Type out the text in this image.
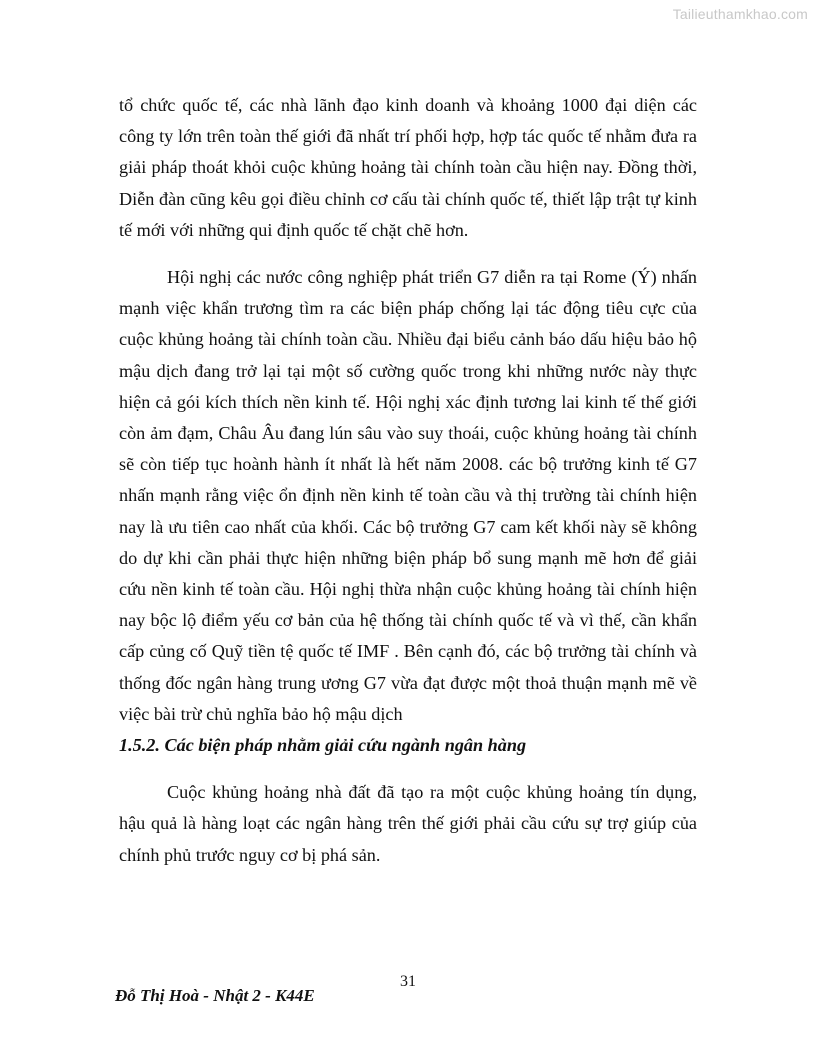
Tailieuthamkhao.com

tổ chức quốc tế, các nhà lãnh đạo kinh doanh và khoảng 1000 đại diện các công ty lớn trên toàn thế giới đã nhất trí phối hợp, hợp tác quốc tế nhằm đưa ra giải pháp thoát khỏi cuộc khủng hoảng tài chính toàn cầu hiện nay. Đồng thời, Diễn đàn cũng kêu gọi điều chỉnh cơ cấu tài chính quốc tế, thiết lập trật tự kinh tế mới với những qui định quốc tế chặt chẽ hơn.

Hội nghị các nước công nghiệp phát triển G7 diễn ra tại Rome (Ý) nhấn mạnh việc khẩn trương tìm ra các biện pháp chống lại tác động tiêu cực của cuộc khủng hoảng tài chính toàn cầu. Nhiều đại biểu cảnh báo dấu hiệu bảo hộ mậu dịch đang trở lại tại một số cường quốc trong khi những nước này thực hiện cả gói kích thích nền kinh tế. Hội nghị xác định tương lai kinh tế thế giới còn ảm đạm, Châu Âu đang lún sâu vào suy thoái, cuộc khủng hoảng tài chính sẽ còn tiếp tục hoành hành ít nhất là hết năm 2008. các bộ trưởng kinh tế G7 nhấn mạnh rằng việc ổn định nền kinh tế toàn cầu và thị trường tài chính hiện nay là ưu tiên cao nhất của khối. Các bộ trưởng G7 cam kết khối này sẽ không do dự khi cần phải thực hiện những biện pháp bổ sung mạnh mẽ hơn để giải cứu nền kinh tế toàn cầu. Hội nghị thừa nhận cuộc khủng hoảng tài chính hiện nay bộc lộ điểm yếu cơ bản của hệ thống tài chính quốc tế và vì thế, cần khẩn cấp củng cố Quỹ tiền tệ quốc tế IMF . Bên cạnh đó, các bộ trưởng tài chính và thống đốc ngân hàng trung ương G7 vừa đạt được một thoả thuận mạnh mẽ về việc bài trừ chủ nghĩa bảo hộ mậu dịch

1.5.2. Các biện pháp nhằm giải cứu ngành ngân hàng

Cuộc khủng hoảng nhà đất đã tạo ra một cuộc khủng hoảng tín dụng, hậu quả là hàng loạt các ngân hàng trên thế giới phải cầu cứu sự trợ giúp của chính phủ trước nguy cơ bị phá sản.

31
Đỗ Thị Hoà - Nhật 2 - K44E
